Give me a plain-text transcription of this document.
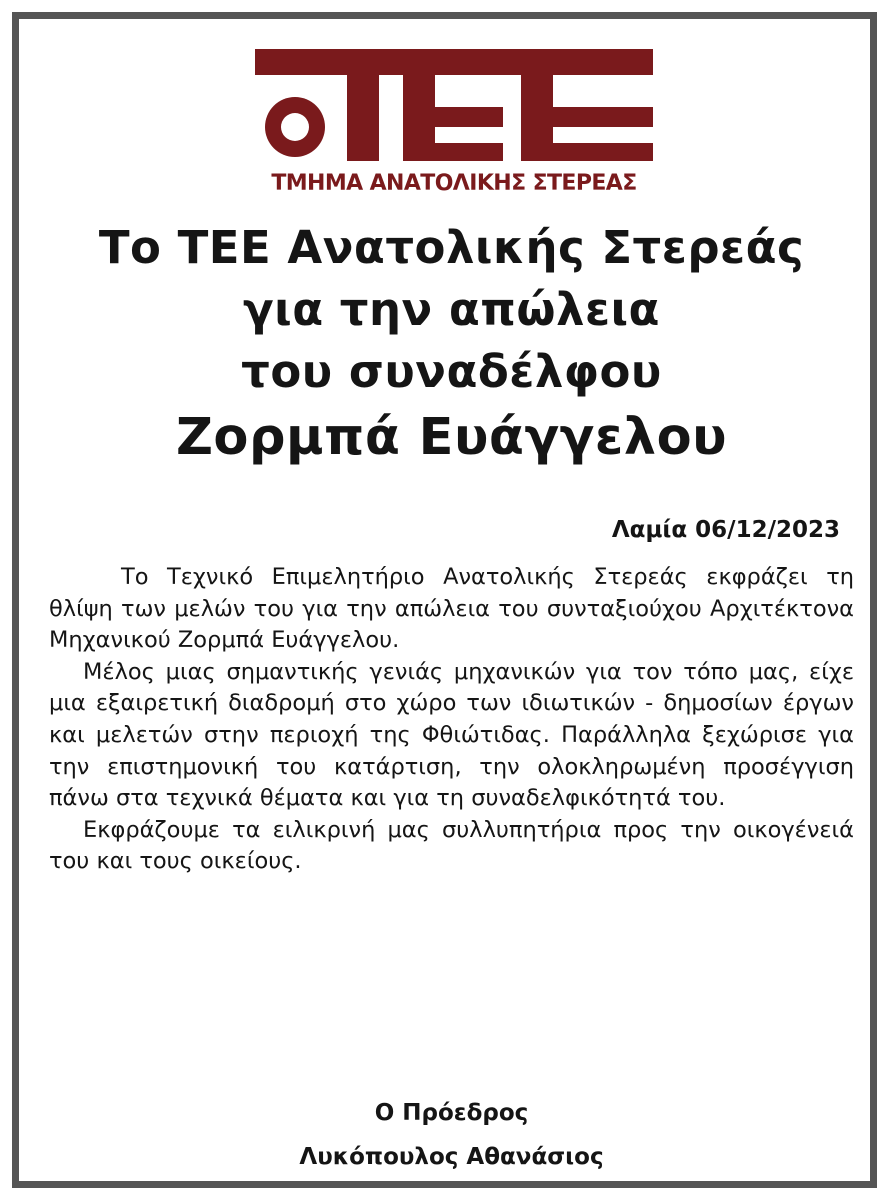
ΤΜΗΜΑ ΑΝΑΤΟΛΙΚΗΣ ΣΤΕΡΕΑΣ
Το ΤΕΕ Ανατολικής Στερεάς
για την απώλεια
του συναδέλφου
Ζορμπά Ευάγγελου
Λαμία 06/12/2023

Το Τεχνικό Επιμελητήριο Ανατολικής Στερεάς εκφράζει τη θλίψη των μελών του για την απώλεια του συνταξιούχου Αρχιτέκτονα Μηχανικού Ζορμπά Ευάγγελου.

Μέλος μιας σημαντικής γενιάς μηχανικών για τον τόπο μας, είχε μια εξαιρετική διαδρομή στο χώρο των ιδιωτικών - δημοσίων έργων και μελετών στην περιοχή της Φθιώτιδας. Παράλληλα ξεχώρισε για την επιστημονική του κατάρτιση, την ολοκληρωμένη προσέγγιση πάνω στα τεχνικά θέματα και για τη συναδελφικότητά του.

Εκφράζουμε τα ειλικρινή μας συλλυπητήρια προς την οικογένειά του και τους οικείους.

Ο Πρόεδρος
Λυκόπουλος Αθανάσιος
